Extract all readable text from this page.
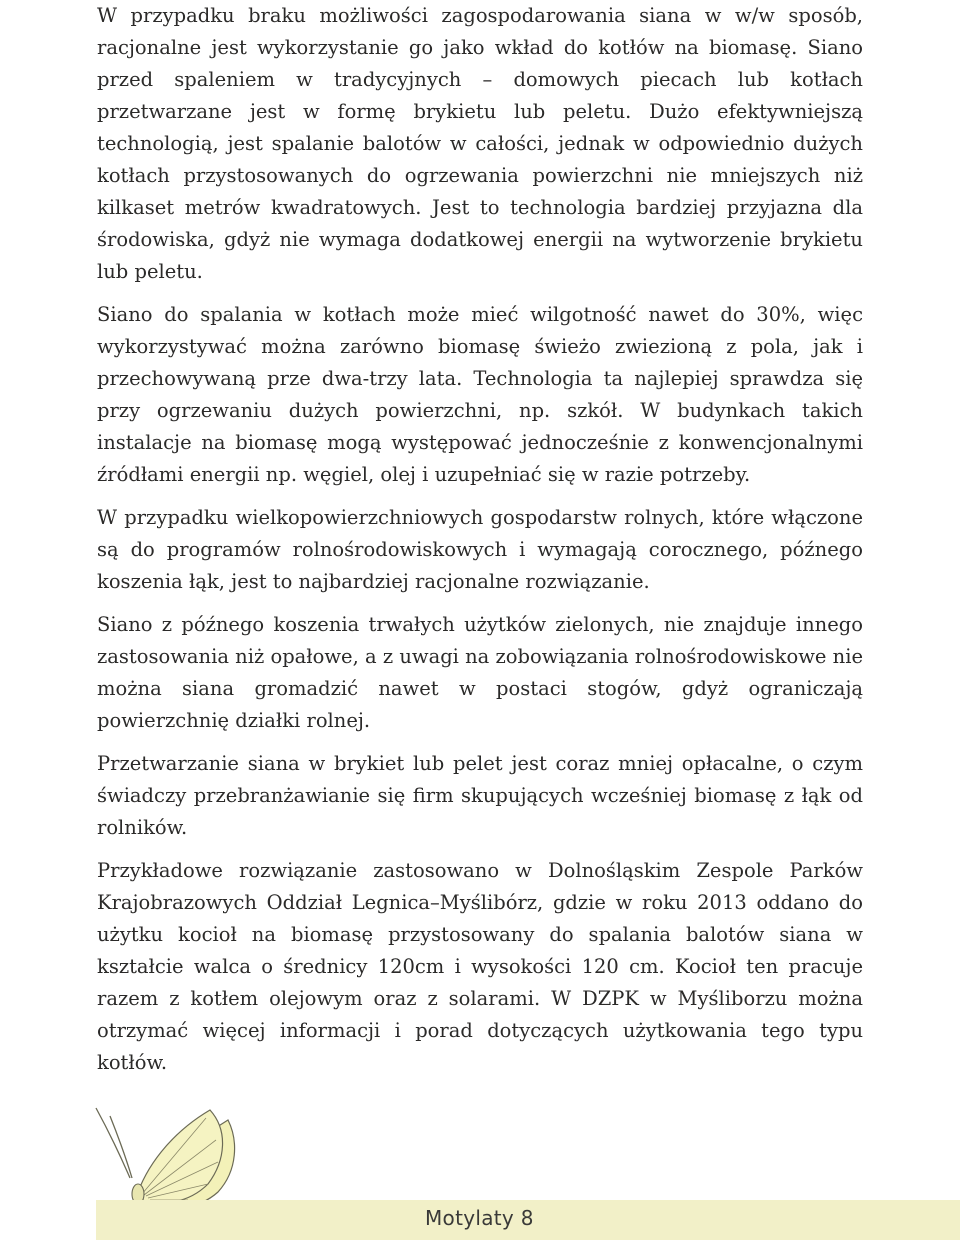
W przypadku braku możliwości zagospodarowania siana w w/w sposób, racjonalne jest wykorzystanie go jako wkład do kotłów na biomasę. Siano przed spaleniem w tradycyjnych – domowych piecach lub kotłach przetwarzane jest w formę brykietu lub peletu. Dużo efektywniejszą technologią, jest spalanie balotów w całości, jednak w odpowiednio dużych kotłach przystosowanych do ogrzewania powierzchni nie mniejszych niż kilkaset metrów kwadratowych. Jest to technologia bardziej przyjazna dla środowiska, gdyż nie wymaga dodatkowej energii na wytworzenie brykietu lub peletu.

Siano do spalania w kotłach może mieć wilgotność nawet do 30%, więc wykorzystywać można zarówno biomasę świeżo zwiezioną z pola, jak i przechowywaną prze dwa-trzy lata. Technologia ta najlepiej sprawdza się przy ogrzewaniu dużych powierzchni, np. szkół. W budynkach takich instalacje na biomasę mogą występować jednocześnie z konwencjonalnymi źródłami energii np. węgiel, olej i uzupełniać się w razie potrzeby.

W przypadku wielkopowierzchniowych gospodarstw rolnych, które włączone są do programów rolnośrodowiskowych i wymagają corocznego, późnego koszenia łąk, jest to najbardziej racjonalne rozwiązanie.

Siano z późnego koszenia trwałych użytków zielonych, nie znajduje innego zastosowania niż opałowe, a z uwagi na zobowiązania rolnośrodowiskowe nie można siana gromadzić nawet w postaci stogów, gdyż ograniczają powierzchnię działki rolnej.

Przetwarzanie siana w brykiet lub pelet jest coraz mniej opłacalne, o czym świadczy przebranżawianie się firm skupujących wcześniej biomasę z łąk od rolników.

Przykładowe rozwiązanie zastosowano w Dolnośląskim Zespole Parków Krajobrazowych Oddział Legnica–Myślibórz, gdzie w roku 2013 oddano do użytku kocioł na biomasę przystosowany do spalania balotów siana w kształcie walca o średnicy 120cm i wysokości 120 cm. Kocioł ten pracuje razem z kotłem olejowym oraz z solarami. W DZPK w Myśliborzu można otrzymać więcej informacji i porad dotyczących użytkowania tego typu kotłów.

Motylaty 8
